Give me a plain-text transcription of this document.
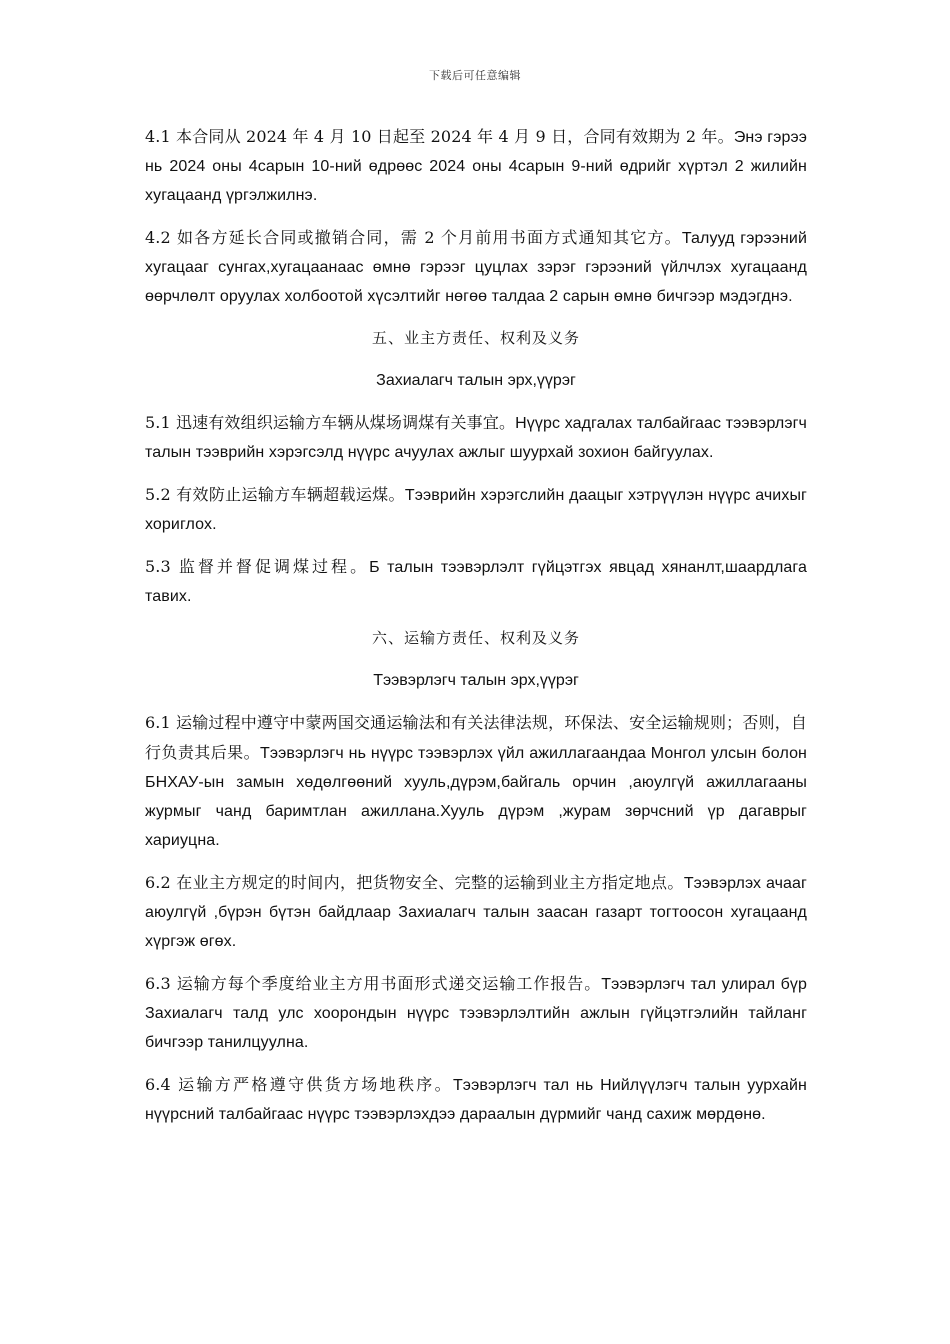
下载后可任意编辑

4.1 本合同从 2024 年 4 月 10 日起至 2024 年 4 月 9 日，合同有效期为 2 年。Энэ гэрээ нь 2024 оны 4сарын 10-ний өдрөөс 2024 оны 4сарын 9-ний өдрийг хүртэл 2 жилийн хугацаанд үргэлжилнэ.

4.2 如各方延长合同或撤销合同，需 2 个月前用书面方式通知其它方。Талууд гэрээний хугацааг сунгах,хугацаанаас өмнө гэрээг цуцлах зэрэг гэрээний үйлчлэх хугацаанд өөрчлөлт оруулах холбоотой хүсэлтийг нөгөө талдаа 2 сарын өмнө бичгээр мэдэгднэ.

五、业主方责任、权利及义务
Захиалагч талын эрх,үүрэг

5.1 迅速有效组织运输方车辆从煤场调煤有关事宜。Нүүрс хадгалах талбайгаас тээвэрлэгч талын тээврийн хэрэгсэлд нүүрс ачуулах ажлыг шуурхай зохион байгуулах.

5.2 有效防止运输方车辆超载运煤。Тээврийн хэрэгслийн даацыг хэтрүүлэн нүүрс ачихыг хориглох.

5.3 监督并督促调煤过程。Б талын тээвэрлэлт гүйцэтгэх явцад хянанлт,шаардлага тавих.

六、运输方责任、权利及义务
Тээвэрлэгч талын эрх,үүрэг

6.1 运输过程中遵守中蒙两国交通运输法和有关法律法规，环保法、安全运输规则；否则，自行负责其后果。Тээвэрлэгч нь нүүрс тээвэрлэх үйл ажиллагаандаа Монгол улсын болон БНХАУ-ын замын хөдөлгөөний хууль,дүрэм,байгаль орчин ,аюулгүй ажиллагааны журмыг чанд баримтлан ажиллана.Хууль дүрэм ,журам зөрчсний үр дагаврыг хариуцна.

6.2 在业主方规定的时间内，把货物安全、完整的运输到业主方指定地点。Тээвэрлэх ачааг аюулгүй ,бүрэн бүтэн байдлаар Захиалагч талын заасан газарт тогтоосон хугацаанд хүргэж өгөх.

6.3 运输方每个季度给业主方用书面形式递交运输工作报告。Тээвэрлэгч тал улирал бүр Захиалагч талд улс хоорондын нүүрс тээвэрлэлтийн ажлын гүйцэтгэлийн тайланг бичгээр танилцуулна.

6.4 运输方严格遵守供货方场地秩序。Тээвэрлэгч тал нь Нийлүүлэгч талын уурхайн нүүрсний талбайгаас нүүрс тээвэрлэхдээ дараалын дүрмийг чанд сахиж мөрдөнө.
